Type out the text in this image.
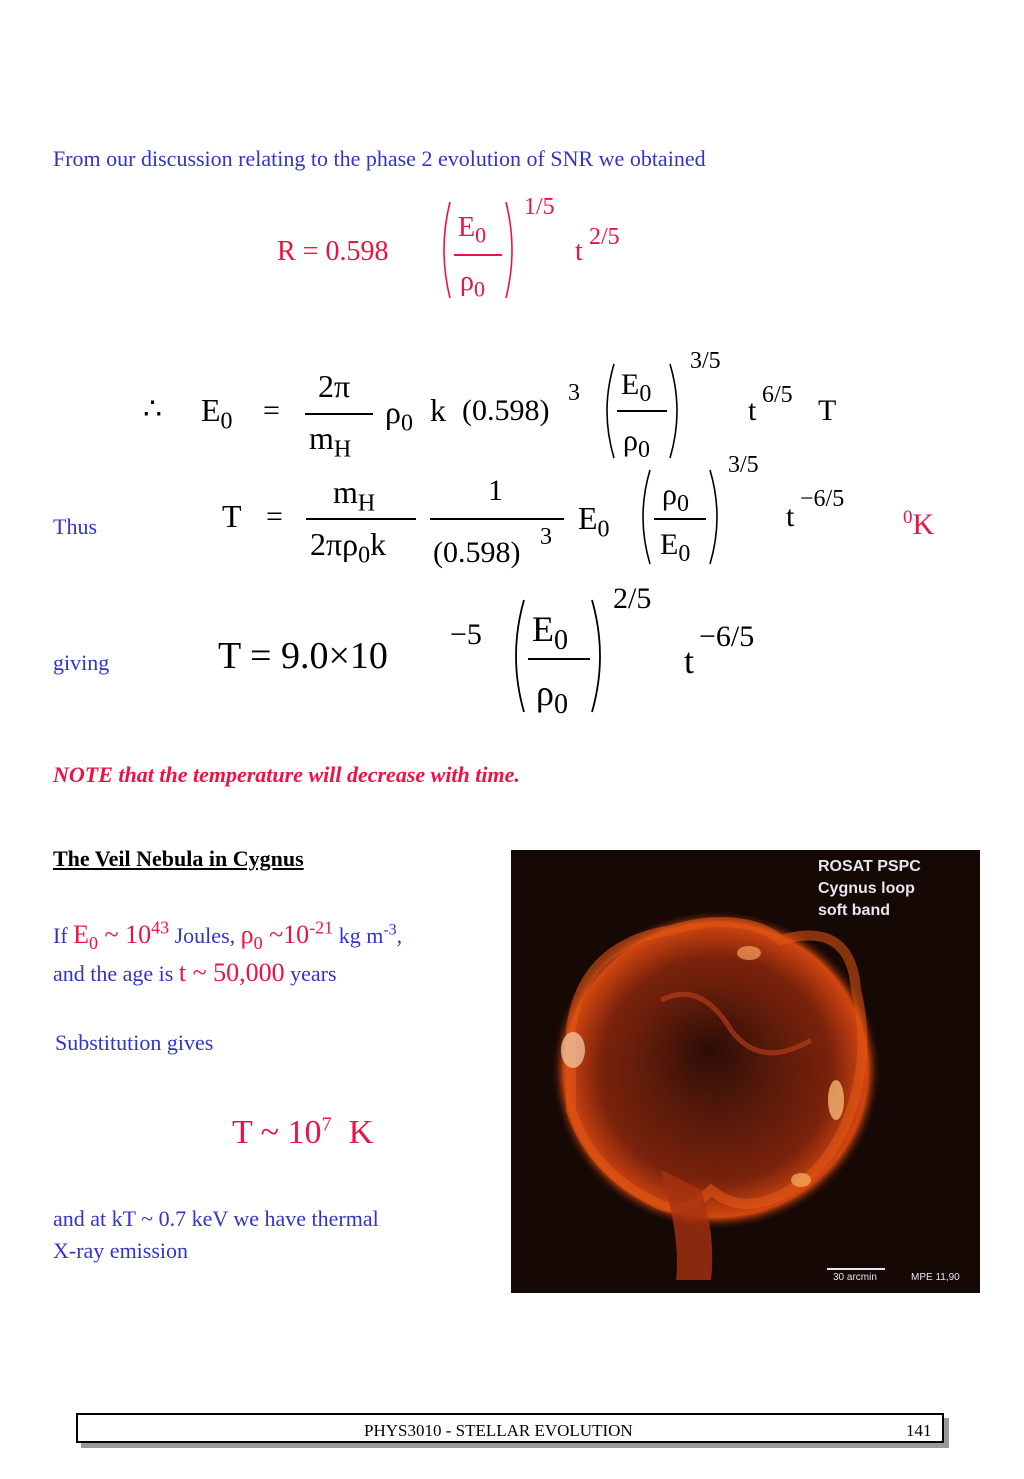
From our discussion relating to the phase 2 evolution of SNR we obtained
R = 0.598
$E_0$
$\rho_0$
1/5
t 2/5
∴ $E_0$ =
2π
$m_H$
$\rho_0$ k (0.598)
3 $E_0$
$\rho_0$
3/5
t 6/5 T
Thus	T =
$m_H$
$2\pi\rho_0k$
1
(0.598) 3
$E_0$
$\rho_0$
$E_0$
3/5
t
−6/5
$^0$K
giving	T = 9.0×10
−5 $E_0$
$\rho_0$
2/5
t
−6/5
NOTE that the temperature will decrease with time.
The Veil Nebula in Cygnus
If $E_0$ ~ $10^{43}$ Joules, $\rho_0$ $\sim 10^{-21}$ kg $m^{-3}$,
and the age is t ~ 50,000 years
Substitution gives
T ~ $10^7$ K
and at kT ~ 0.7 keV we have thermal
X-ray emission
ROSAT PSPC
Cygnus loop
soft band
30 arcmin	MPE 11,90
PHYS3010 - STELLAR EVOLUTION	141
